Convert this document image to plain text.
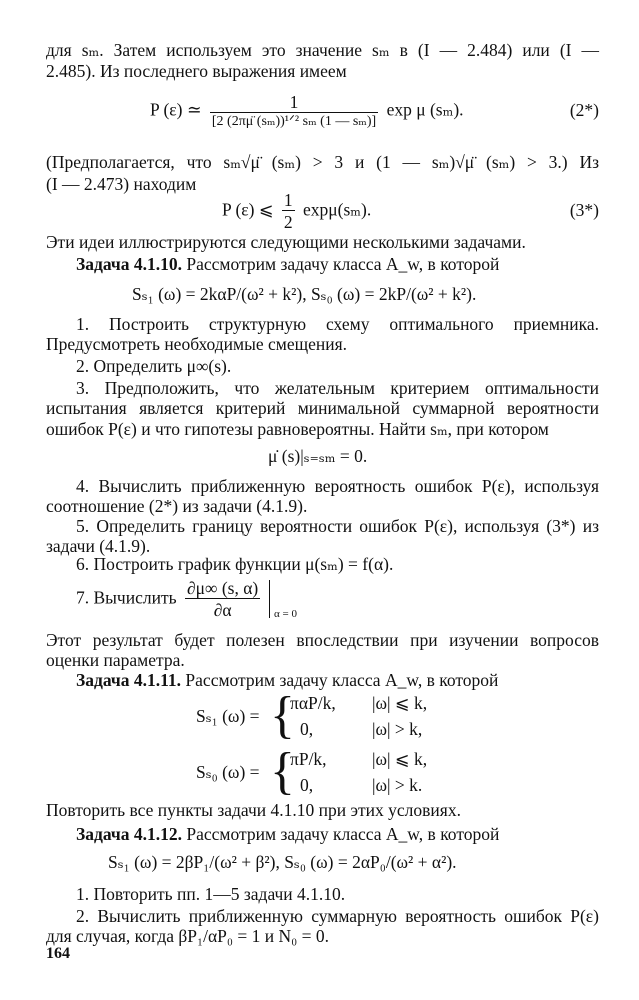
для sₘ. Затем используем это значение sₘ в (I — 2.484) или (I —

2.485). Из последнего выражения имеем

P (ε) ≃ $\frac{1}{\text{[2 (2πμ̈ (sₘ))¹ᐟ² sₘ (1 — sₘ)]}}$ exp μ (sₘ).	(2*)

(Предполагается, что sₘ√μ̈ (sₘ) > 3 и (1 — sₘ)√μ̈ (sₘ) > 3.) Из

(I — 2.473) находим

P (ε) ⩽ $\frac{1}{2} \exp\mu(s_m)$.	(3*)

Эти идеи иллюстрируются следующими несколькими задачами.

Задача 4.1.10. Рассмотрим задачу класса A_w, в которой

Sₛ₁ (ω) = 2kαP/(ω² + k²), Sₛ₀ (ω) = 2kP/(ω² + k²).

1. Построить структурную схему оптимального приемника. Предусмотреть необходимые смещения.

2. Определить μ∞(s).

3. Предположить, что желательным критерием оптимальности испытания является критерий минимальной суммарной вероятности ошибок P(ε) и что гипотезы равновероятны. Найти sₘ, при котором

μ̇ (s)|ₛ₌ₛₘ = 0.

4. Вычислить приближенную вероятность ошибок P(ε), используя соотношение (2*) из задачи (4.1.9).

5. Определить границу вероятности ошибок P(ε), используя (3*) из задачи (4.1.9).

6. Построить график функции μ(sₘ) = f(α).

7. Вычислить $\frac{\partial\mu\infty (s, \alpha)}{\partial\alpha} _{\alpha = 0}$

Этот результат будет полезен впоследствии при изучении вопросов оценки параметра.

Задача 4.1.11. Рассмотрим задачу класса A_w, в которой

Sₛ₁ (ω) = {
παP/k, |ω| ⩽ k,
0,	|ω| > k,
Sₛ₀ (ω) = {
πP/k,	|ω| ⩽ k,
0,	|ω| > k.

Повторить все пункты задачи 4.1.10 при этих условиях.

Задача 4.1.12. Рассмотрим задачу класса A_w, в которой

Sₛ₁ (ω) = 2βP₁/(ω² + β²), Sₛ₀ (ω) = 2αP₀/(ω² + α²).

1. Повторить пп. 1—5 задачи 4.1.10.

2. Вычислить приближенную суммарную вероятность ошибок P(ε) для случая, когда βP₁/αP₀ = 1 и N₀ = 0.

164
